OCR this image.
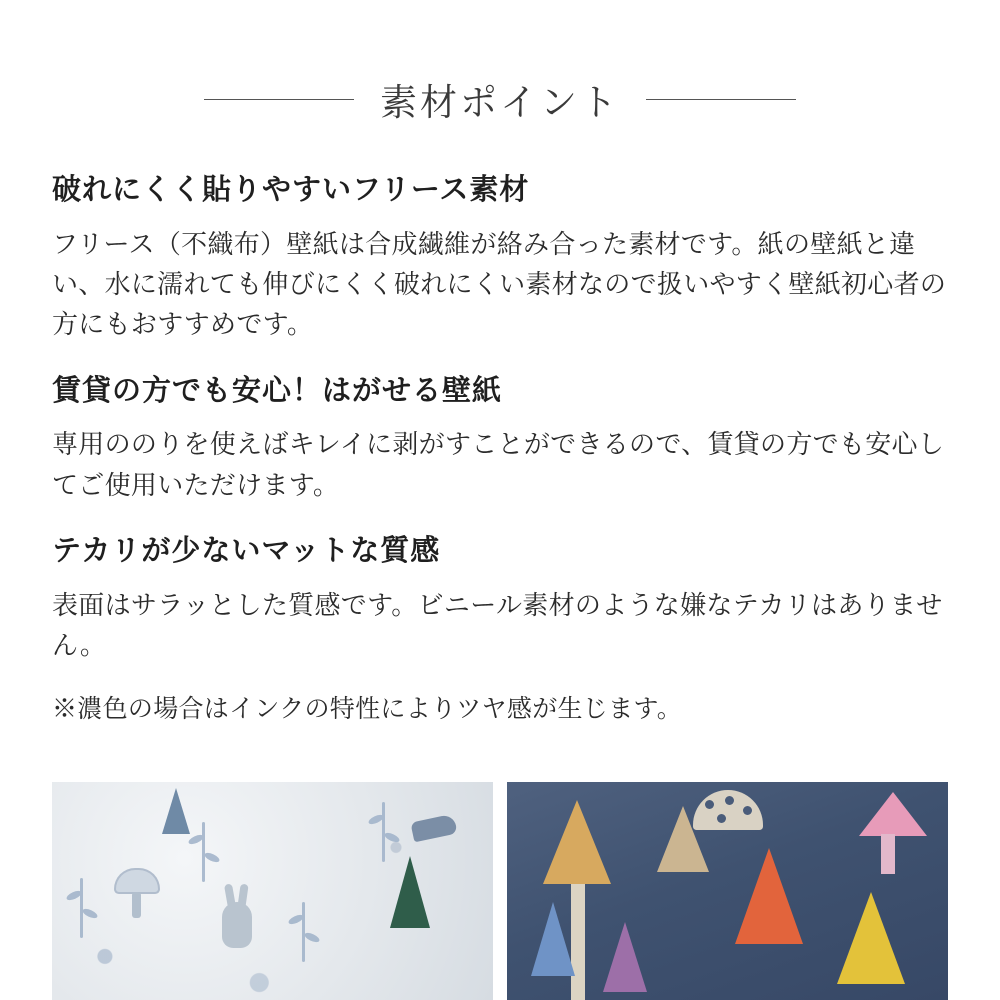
素材ポイント
破れにくく貼りやすいフリース素材

フリース（不織布）壁紙は合成繊維が絡み合った素材です。紙の壁紙と違い、水に濡れても伸びにくく破れにくい素材なので扱いやすく壁紙初心者の方にもおすすめです。

賃貸の方でも安心！はがせる壁紙

専用ののりを使えばキレイに剥がすことができるので、賃貸の方でも安心してご使用いただけます。

テカリが少ないマットな質感

表面はサラッとした質感です。ビニール素材のような嫌なテカリはありません。

※濃色の場合はインクの特性によりツヤ感が生じます。
